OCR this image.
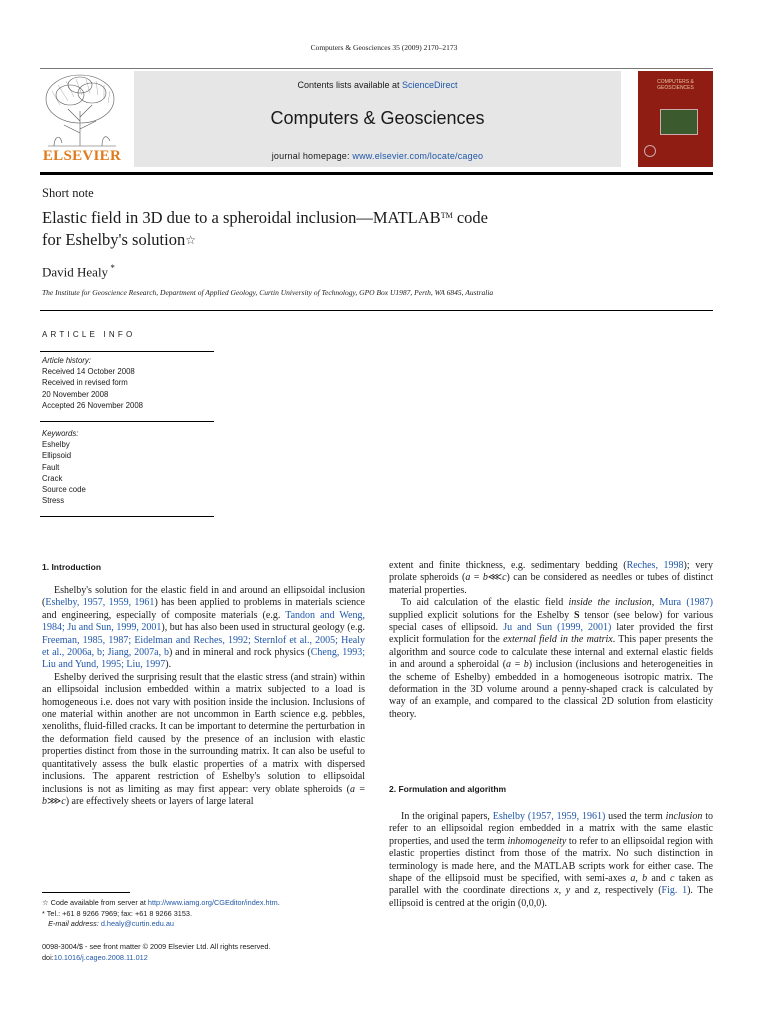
Computers & Geosciences 35 (2009) 2170–2173
ELSEVIER
Contents lists available at ScienceDirect
Computers & Geosciences
journal homepage: www.elsevier.com/locate/cageo
COMPUTERS &
GEOSCIENCES
Short note
Elastic field in 3D due to a spheroidal inclusion—MATLAB™ code
for Eshelby's solution☆
David Healy *
The Institute for Geoscience Research, Department of Applied Geology, Curtin University of Technology, GPO Box U1987, Perth, WA 6845, Australia
ARTICLE INFO
Article history:
Received 14 October 2008
Received in revised form
20 November 2008
Accepted 26 November 2008
Keywords:
Eshelby
Ellipsoid
Fault
Crack
Source code
Stress
1. Introduction

Eshelby's solution for the elastic field in and around an ellipsoidal inclusion (Eshelby, 1957, 1959, 1961) has been applied to problems in materials science and engineering, especially of composite materials (e.g. Tandon and Weng, 1984; Ju and Sun, 1999, 2001), but has also been used in structural geology (e.g. Freeman, 1985, 1987; Eidelman and Reches, 1992; Sternlof et al., 2005; Healy et al., 2006a, b; Jiang, 2007a, b) and in mineral and rock physics (Cheng, 1993; Liu and Yund, 1995; Liu, 1997).

Eshelby derived the surprising result that the elastic stress (and strain) within an ellipsoidal inclusion embedded within a matrix subjected to a load is homogeneous i.e. does not vary with position inside the inclusion. Inclusions of one material within another are not uncommon in Earth science e.g. pebbles, xenoliths, fluid-filled cracks. It can be important to determine the perturbation in the deformation field caused by the presence of an inclusion with elastic properties distinct from those in the surrounding matrix. It can also be useful to quantitatively assess the bulk elastic properties of a matrix with dispersed inclusions. The apparent restriction of Eshelby's solution to ellipsoidal inclusions is not as limiting as may first appear: very oblate spheroids (a = b⋙c) are effectively sheets or layers of large lateral

extent and finite thickness, e.g. sedimentary bedding (Reches, 1998); very prolate spheroids (a = b⋘c) can be considered as needles or tubes of distinct material properties.

To aid calculation of the elastic field inside the inclusion, Mura (1987) supplied explicit solutions for the Eshelby S tensor (see below) for various special cases of ellipsoid. Ju and Sun (1999, 2001) later provided the first explicit formulation for the external field in the matrix. This paper presents the algorithm and source code to calculate these internal and external elastic fields in and around a spheroidal (a = b) inclusion (inclusions and heterogeneities in the scheme of Eshelby) embedded in a homogeneous isotropic matrix. The deformation in the 3D volume around a penny-shaped crack is calculated by way of an example, and compared to the classical 2D solution from elasticity theory.

2. Formulation and algorithm

In the original papers, Eshelby (1957, 1959, 1961) used the term inclusion to refer to an ellipsoidal region embedded in a matrix with the same elastic properties, and used the term inhomogeneity to refer to an ellipsoidal region with elastic properties distinct from those of the matrix. No such distinction in terminology is made here, and the MATLAB scripts work for either case. The shape of the ellipsoid must be specified, with semi-axes a, b and c taken as parallel with the coordinate directions x, y and z, respectively (Fig. 1). The ellipsoid is centred at the origin (0,0,0).

☆ Code available from server at http://www.iamg.org/CGEditor/index.htm.
* Tel.: +61 8 9266 7969; fax: +61 8 9266 3153.
E-mail address: d.healy@curtin.edu.au
0098-3004/$ - see front matter © 2009 Elsevier Ltd. All rights reserved.
doi:10.1016/j.cageo.2008.11.012
